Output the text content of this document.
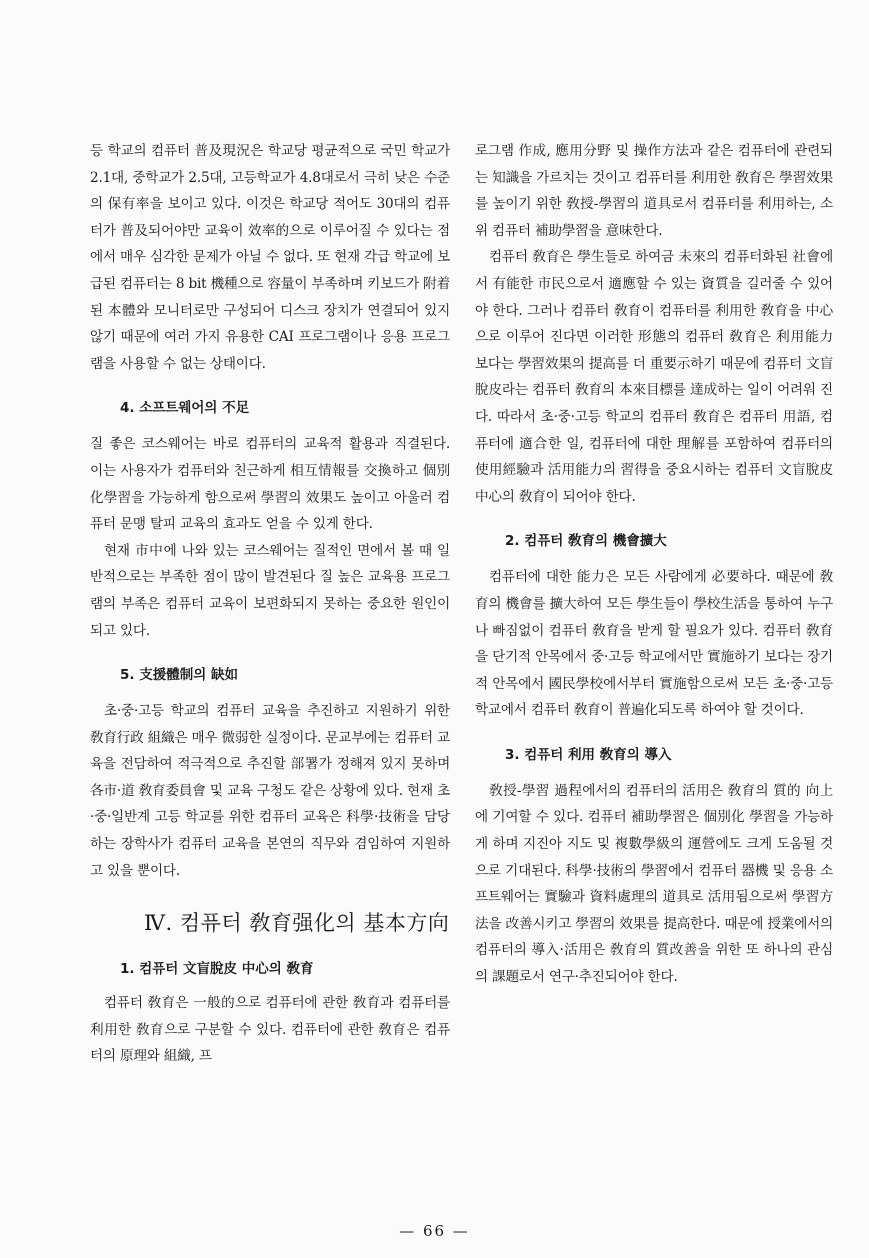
등 학교의 컴퓨터 普及現況은 학교당 평균적으로 국민 학교가 2.1대, 중학교가 2.5대, 고등학교가 4.8대로서 극히 낮은 수준의 保有率을 보이고 있다. 이것은 학교당 적어도 30대의 컴퓨터가 普及되어야만 교육이 效率的으로 이루어질 수 있다는 점에서 매우 심각한 문제가 아닐 수 없다. 또 현재 각급 학교에 보급된 컴퓨터는 8 bit 機種으로 容量이 부족하며 키보드가 附着된 本體와 모니터로만 구성되어 디스크 장치가 연결되어 있지 않기 때문에 여러 가지 유용한 CAI 프로그램이나 응용 프로그램을 사용할 수 없는 상태이다.

4. 소프트웨어의 不足

질 좋은 코스웨어는 바로 컴퓨터의 교육적 활용과 직결된다. 이는 사용자가 컴퓨터와 친근하게 相互情報를 交換하고 個別化學習을 가능하게 함으로써 學習의 效果도 높이고 아울러 컴퓨터 문맹 탈피 교육의 효과도 얻을 수 있게 한다.

현재 市中에 나와 있는 코스웨어는 질적인 면에서 볼 때 일반적으로는 부족한 점이 많이 발견된다 질 높은 교육용 프로그램의 부족은 컴퓨터 교육이 보편화되지 못하는 중요한 원인이 되고 있다.

5. 支援體制의 缺如

초·중·고등 학교의 컴퓨터 교육을 추진하고 지원하기 위한 敎育行政 組織은 매우 微弱한 실정이다. 문교부에는 컴퓨터 교육을 전담하여 적극적으로 추진할 部署가 정해져 있지 못하며 各市·道 敎育委員會 및 교육 구청도 같은 상황에 있다. 현재 초·중·일반계 고등 학교를 위한 컴퓨터 교육은 科學·技術을 담당하는 장학사가 컴퓨터 교육을 본연의 직무와 겸임하여 지원하고 있을 뿐이다.

Ⅳ. 컴퓨터 敎育强化의 基本方向
1. 컴퓨터 文盲脫皮 中心의 敎育

컴퓨터 敎育은 一般的으로 컴퓨터에 관한 敎育과 컴퓨터를 利用한 敎育으로 구분할 수 있다. 컴퓨터에 관한 敎育은 컴퓨터의 原理와 組織, 프

로그램 作成, 應用分野 및 操作方法과 같은 컴퓨터에 관련되는 知識을 가르치는 것이고 컴퓨터를 利用한 敎育은 學習效果를 높이기 위한 敎授-學習의 道具로서 컴퓨터를 利用하는, 소위 컴퓨터 補助學習을 意味한다.

컴퓨터 敎育은 學生들로 하여금 未來의 컴퓨터화된 社會에서 有能한 市民으로서 適應할 수 있는 資質을 길러줄 수 있어야 한다. 그러나 컴퓨터 敎育이 컴퓨터를 利用한 敎育을 中心으로 이루어 진다면 이러한 形態의 컴퓨터 敎育은 利用能力 보다는 學習效果의 提高를 더 重要示하기 때문에 컴퓨터 文盲脫皮라는 컴퓨터 敎育의 本來目標를 達成하는 일이 어려워 진다. 따라서 초·중·고등 학교의 컴퓨터 敎育은 컴퓨터 用語, 컴퓨터에 適合한 일, 컴퓨터에 대한 理解를 포함하여 컴퓨터의 使用經驗과 活用能力의 習得을 중요시하는 컴퓨터 文盲脫皮 中心의 敎育이 되어야 한다.

2. 컴퓨터 敎育의 機會擴大

컴퓨터에 대한 能力은 모든 사람에게 必要하다. 때문에 敎育의 機會를 擴大하여 모든 學生들이 學校生活을 통하여 누구나 빠짐없이 컴퓨터 敎育을 받게 할 필요가 있다. 컴퓨터 敎育을 단기적 안목에서 중·고등 학교에서만 實施하기 보다는 장기적 안목에서 國民學校에서부터 實施함으로써 모든 초·중·고등 학교에서 컴퓨터 敎育이 普遍化되도록 하여야 할 것이다.

3. 컴퓨터 利用 敎育의 導入

敎授-學習 過程에서의 컴퓨터의 活用은 敎育의 質的 向上에 기여할 수 있다. 컴퓨터 補助學習은 個別化 學習을 가능하게 하며 지진아 지도 및 複數學級의 運營에도 크게 도움될 것으로 기대된다. 科學·技術의 學習에서 컴퓨터 器機 및 응용 소프트웨어는 實驗과 資料處理의 道具로 活用됨으로써 學習方法을 改善시키고 學習의 效果를 提高한다. 때문에 授業에서의 컴퓨터의 導入·活用은 敎育의 質改善을 위한 또 하나의 관심의 課題로서 연구·추진되어야 한다.

— 66 —
